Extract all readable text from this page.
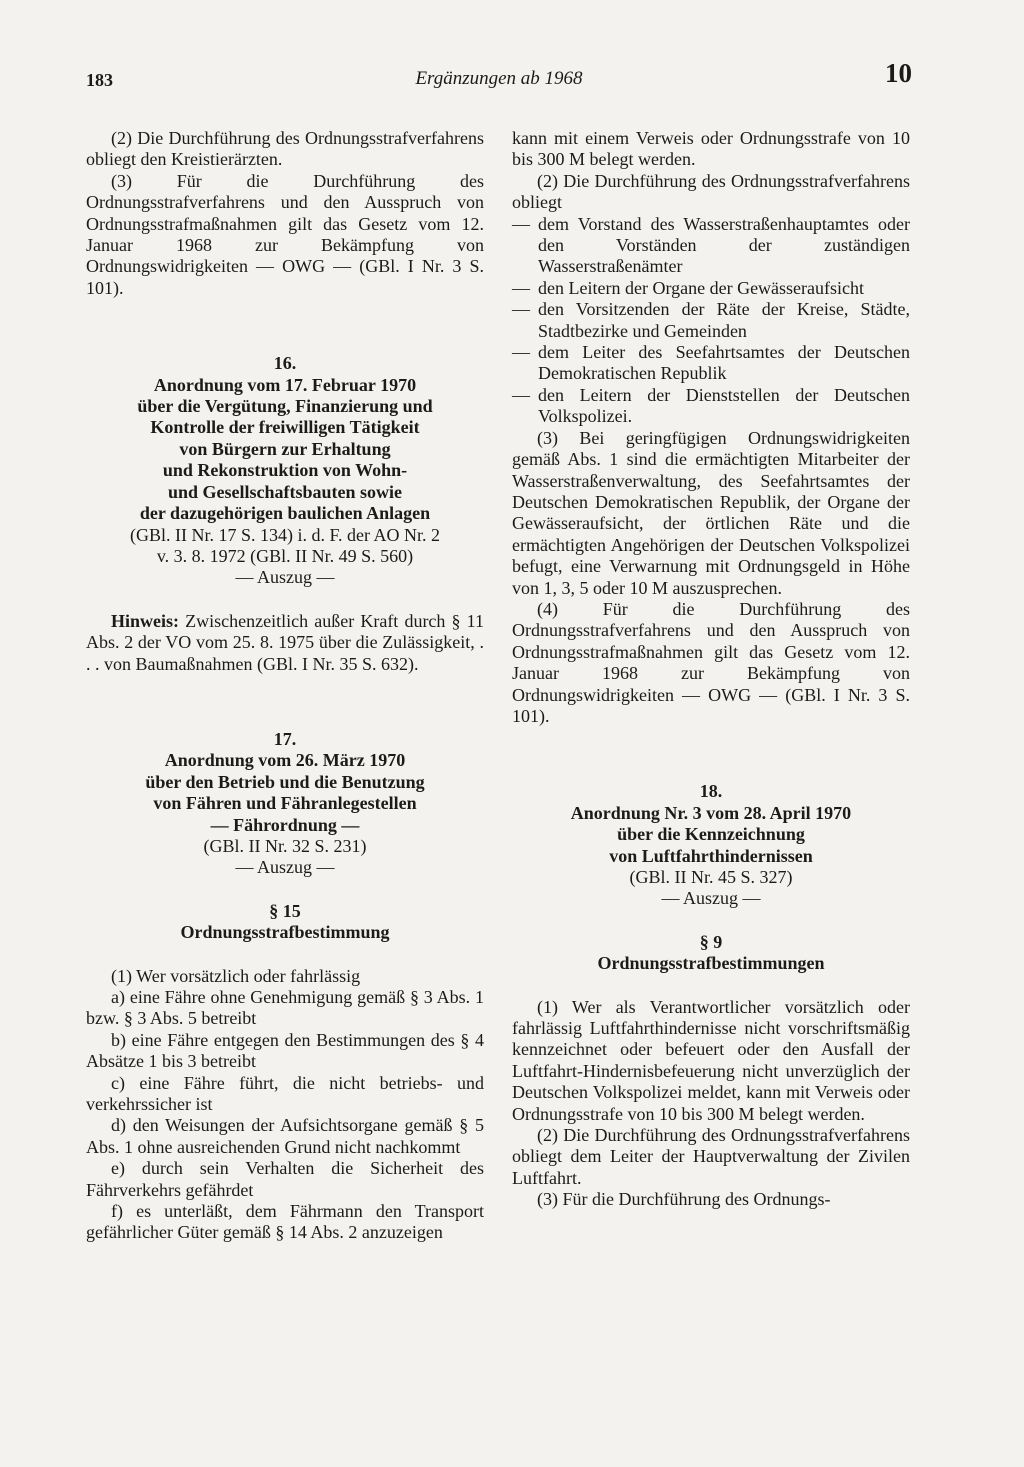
183	Ergänzungen ab 1968	10

(2) Die Durchführung des Ordnungsstrafverfahrens obliegt den Kreistierärzten.

(3) Für die Durchführung des Ordnungsstrafverfahrens und den Ausspruch von Ordnungsstrafmaßnahmen gilt das Gesetz vom 12. Januar 1968 zur Bekämpfung von Ordnungswidrigkeiten — OWG — (GBl. I Nr. 3 S. 101).

16.
Anordnung vom 17. Februar 1970
über die Vergütung, Finanzierung und
Kontrolle der freiwilligen Tätigkeit
von Bürgern zur Erhaltung
und Rekonstruktion von Wohn-
und Gesellschaftsbauten sowie
der dazugehörigen baulichen Anlagen
(GBl. II Nr. 17 S. 134) i. d. F. der AO Nr. 2
v. 3. 8. 1972 (GBl. II Nr. 49 S. 560)
— Auszug —

Hinweis: Zwischenzeitlich außer Kraft durch § 11 Abs. 2 der VO vom 25. 8. 1975 über die Zulässigkeit, . . . von Baumaßnahmen (GBl. I Nr. 35 S. 632).

17.
Anordnung vom 26. März 1970
über den Betrieb und die Benutzung
von Fähren und Fähranlegestellen
— Fährordnung —
(GBl. II Nr. 32 S. 231)
— Auszug —
§ 15
Ordnungsstrafbestimmung

(1) Wer vorsätzlich oder fahrlässig

a) eine Fähre ohne Genehmigung gemäß § 3 Abs. 1 bzw. § 3 Abs. 5 betreibt

b) eine Fähre entgegen den Bestimmungen des § 4 Absätze 1 bis 3 betreibt

c) eine Fähre führt, die nicht betriebs- und verkehrssicher ist

d) den Weisungen der Aufsichtsorgane gemäß § 5 Abs. 1 ohne ausreichenden Grund nicht nachkommt

e) durch sein Verhalten die Sicherheit des Fährverkehrs gefährdet

f) es unterläßt, dem Fährmann den Transport gefährlicher Güter gemäß § 14 Abs. 2 anzuzeigen

kann mit einem Verweis oder Ordnungsstrafe von 10 bis 300 M belegt werden.

(2) Die Durchführung des Ordnungsstrafverfahrens obliegt

— dem Vorstand des Wasserstraßenhauptamtes oder den Vorständen der zuständigen Wasserstraßenämter
— den Leitern der Organe der Gewässeraufsicht
— den Vorsitzenden der Räte der Kreise, Städte, Stadtbezirke und Gemeinden
— dem Leiter des Seefahrtsamtes der Deutschen Demokratischen Republik
— den Leitern der Dienststellen der Deutschen Volkspolizei.

(3) Bei geringfügigen Ordnungswidrigkeiten gemäß Abs. 1 sind die ermächtigten Mitarbeiter der Wasserstraßenverwaltung, des Seefahrtsamtes der Deutschen Demokratischen Republik, der Organe der Gewässeraufsicht, der örtlichen Räte und die ermächtigten Angehörigen der Deutschen Volkspolizei befugt, eine Verwarnung mit Ordnungsgeld in Höhe von 1, 3, 5 oder 10 M auszusprechen.

(4) Für die Durchführung des Ordnungsstrafverfahrens und den Ausspruch von Ordnungsstrafmaßnahmen gilt das Gesetz vom 12. Januar 1968 zur Bekämpfung von Ordnungswidrigkeiten — OWG — (GBl. I Nr. 3 S. 101).

18.
Anordnung Nr. 3 vom 28. April 1970
über die Kennzeichnung
von Luftfahrthindernissen
(GBl. II Nr. 45 S. 327)
— Auszug —
§ 9
Ordnungsstrafbestimmungen

(1) Wer als Verantwortlicher vorsätzlich oder fahrlässig Luftfahrthindernisse nicht vorschriftsmäßig kennzeichnet oder befeuert oder den Ausfall der Luftfahrt-Hindernisbefeuerung nicht unverzüglich der Deutschen Volkspolizei meldet, kann mit Verweis oder Ordnungsstrafe von 10 bis 300 M belegt werden.

(2) Die Durchführung des Ordnungsstrafverfahrens obliegt dem Leiter der Hauptverwaltung der Zivilen Luftfahrt.

(3) Für die Durchführung des Ordnungs-
